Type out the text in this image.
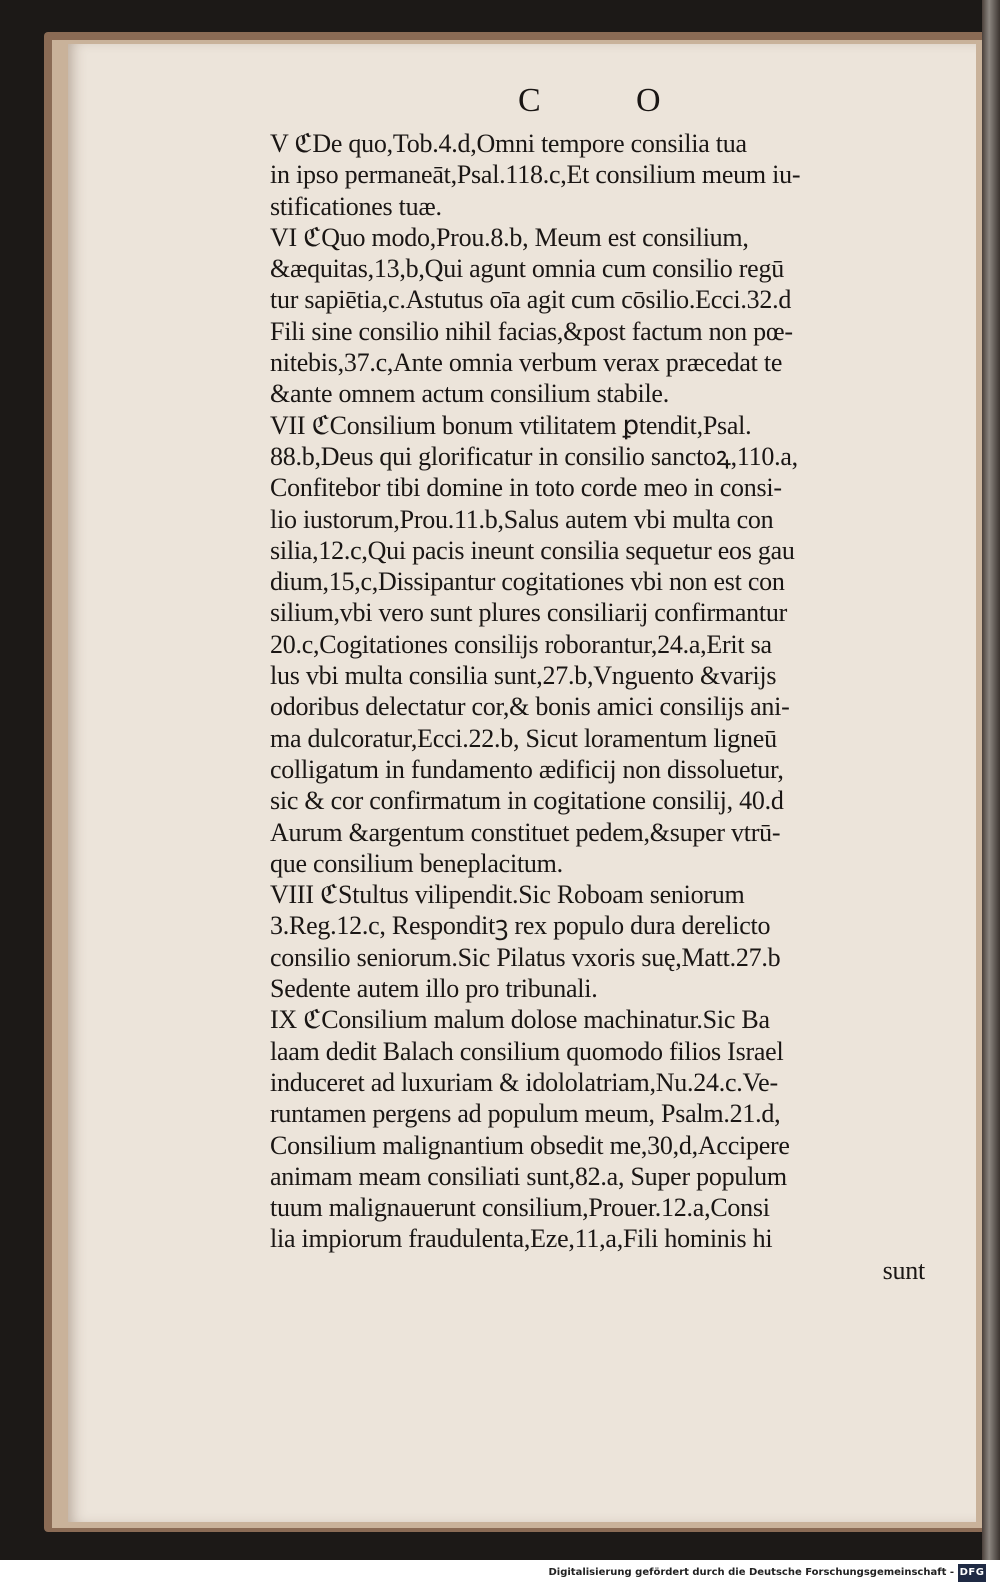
C	O
V ℭDe quo,Tob.4.d,Omni tempore consilia tua
in ipso permaneāt,Psal.118.c,Et consilium meum iu-
stificationes tuæ.
VI ℭQuo modo,Prou.8.b, Meum est consilium,
&æquitas,13,b,Qui agunt omnia cum consilio regū
tur sapiētia,c.Astutus oīa agit cum cōsilio.Ecci.32.d
Fili sine consilio nihil facias,&post factum non pœ-
nitebis,37.c,Ante omnia verbum verax præcedat te
&ante omnem actum consilium stabile.
VII ℭConsilium bonum vtilitatem ꝑtendit,Psal.
88.b,Deus qui glorificatur in consilio sanctoꝝ,110.a,
Confitebor tibi domine in toto corde meo in consi-
lio iustorum,Prou.11.b,Salus autem vbi multa con
silia,12.c,Qui pacis ineunt consilia sequetur eos gau
dium,15,c,Dissipantur cogitationes vbi non est con
silium,vbi vero sunt plures consiliarij confirmantur
20.c,Cogitationes consilijs roborantur,24.a,Erit sa
lus vbi multa consilia sunt,27.b,Vnguento &varijs
odoribus delectatur cor,& bonis amici consilijs ani-
ma dulcoratur,Ecci.22.b, Sicut loramentum ligneū
colligatum in fundamento ædificij non dissoluetur,
sic & cor confirmatum in cogitatione consilij, 40.d
Aurum &argentum constituet pedem,&super vtrū-
que consilium beneplacitum.
VIII ℭStultus vilipendit.Sic Roboam seniorum
3.Reg.12.c, Responditꝫ rex populo dura derelicto
consilio seniorum.Sic Pilatus vxoris suę,Matt.27.b
Sedente autem illo pro tribunali.
IX ℭConsilium malum dolose machinatur.Sic Ba
laam dedit Balach consilium quomodo filios Israel
induceret ad luxuriam & idololatriam,Nu.24.c.Ve-
runtamen pergens ad populum meum, Psalm.21.d,
Consilium malignantium obsedit me,30,d,Accipere
animam meam consiliati sunt,82.a, Super populum
tuum malignauerunt consilium,Prouer.12.a,Consi
lia impiorum fraudulenta,Eze,11,a,Fili hominis hi
sunt
Digitalisierung gefördert durch die Deutsche Forschungsgemeinschaft - DFG
